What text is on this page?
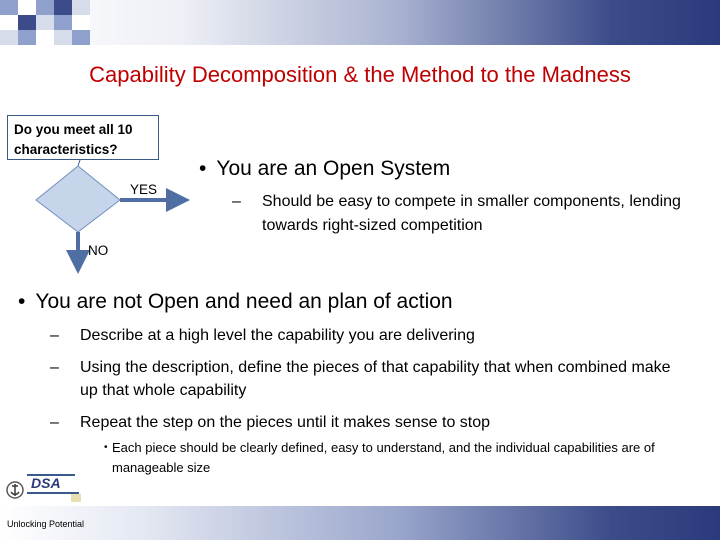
Capability Decomposition & the Method to the Madness
Do you meet all 10 characteristics?
YES
NO
• You are an Open System
–	Should be easy to compete in smaller components, lending towards right-sized competition
• You are not Open and need an plan of action
–	Describe at a high level the capability you are delivering
–	Using the description, define the pieces of that capability that when combined make up that whole capability
–	Repeat the step on the pieces until it makes sense to stop
• Each piece should be clearly defined, easy to understand, and the individual capabilities are of manageable size
DSA
Unlocking Potential
